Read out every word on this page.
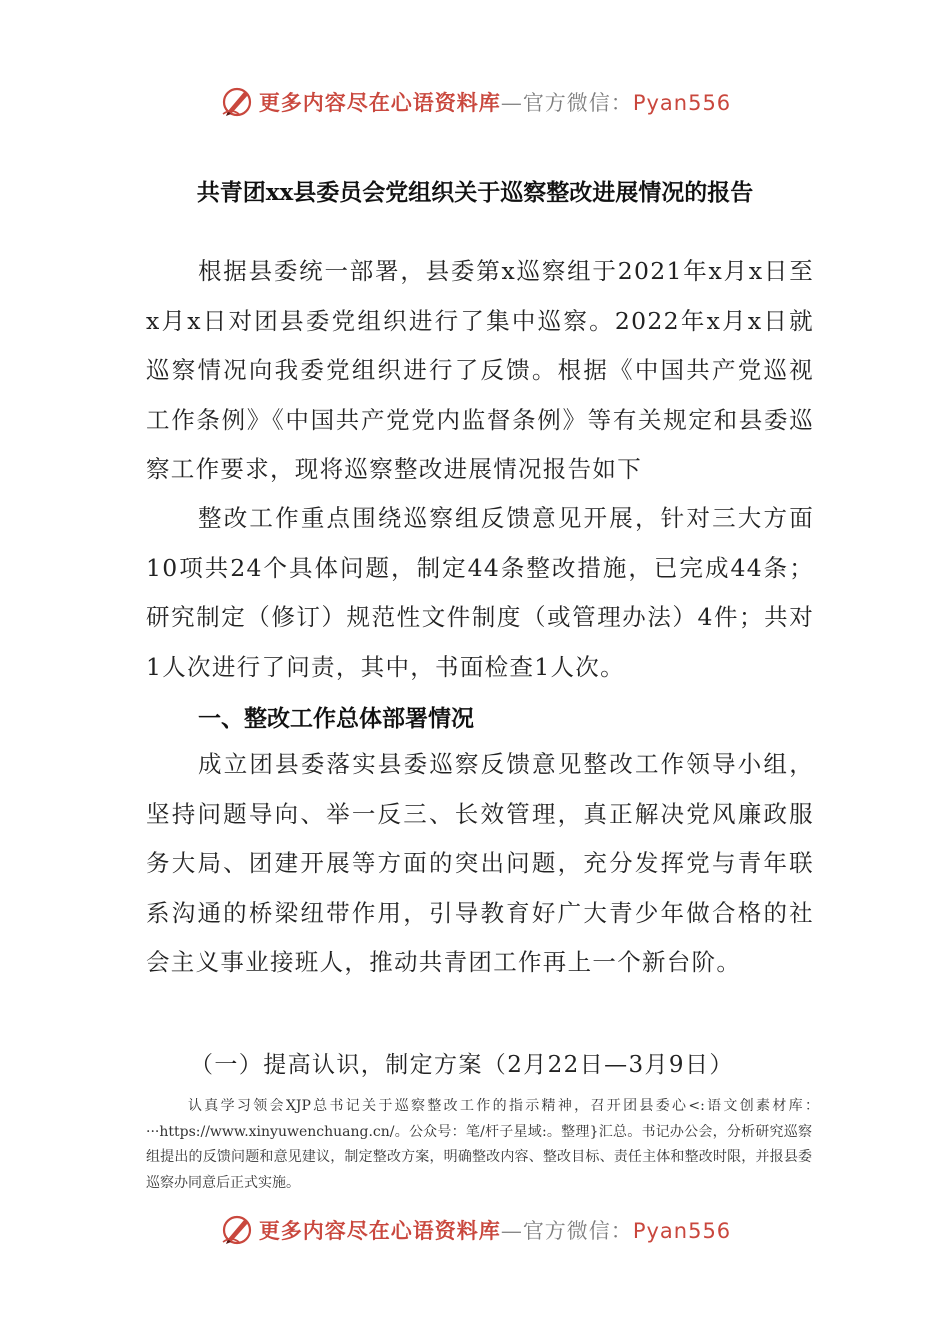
更多内容尽在心语资料库—官方微信：Pyan556
共青团xx县委员会党组织关于巡察整改进展情况的报告
根据县委统一部署，县委第x巡察组于2021年x月x日至x月x日对团县委党组织进行了集中巡察。2022年x月x日就巡察情况向我委党组织进行了反馈。根据《中国共产党巡视工作条例》《中国共产党党内监督条例》等有关规定和县委巡察工作要求，现将巡察整改进展情况报告如下
整改工作重点围绕巡察组反馈意见开展，针对三大方面10项共24个具体问题，制定44条整改措施，已完成44条；研究制定（修订）规范性文件制度（或管理办法）4件；共对1人次进行了问责，其中，书面检查1人次。
一、整改工作总体部署情况
成立团县委落实县委巡察反馈意见整改工作领导小组，坚持问题导向、举一反三、长效管理，真正解决党风廉政服务大局、团建开展等方面的突出问题，充分发挥党与青年联系沟通的桥梁纽带作用，引导教育好广大青少年做合格的社会主义事业接班人，推动共青团工作再上一个新台阶。
（一）提高认识，制定方案（2月22日—3月9日）
认真学习领会XJP总书记关于巡察整改工作的指示精神，召开团县委心<:语文创素材库：···https://www.xinyuwenchuang.cn/。公众号：笔/杆子星域:。整理}汇总。书记办公会，分析研究巡察组提出的反馈问题和意见建议，制定整改方案，明确整改内容、整改目标、责任主体和整改时限，并报县委巡察办同意后正式实施。
更多内容尽在心语资料库—官方微信：Pyan556
